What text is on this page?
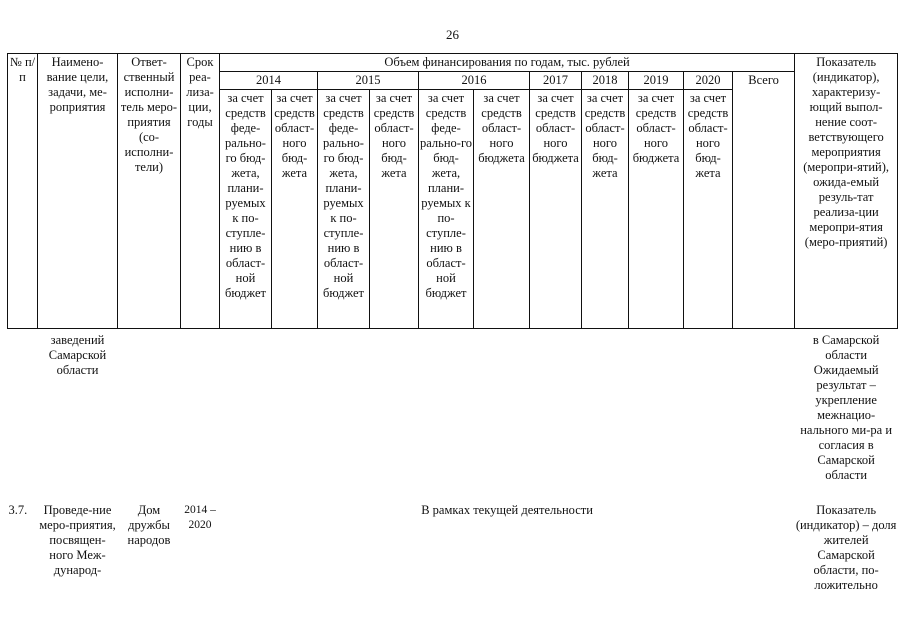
26
№ п/п	Наимено-вание цели, задачи, ме-роприятия	Ответ-ственный исполни-тель меро-приятия (со-исполни-тели)	Срок реа-лиза-ции, годы	Объем финансирования по годам, тыс. рублей											Показатель (индикатор), характеризу-ющий выпол-нение соот-ветствующего мероприятия (меропри-ятий), ожида-емый резуль-тат реализа-ции меропри-ятия (меро-приятий)
				2014		2015		2016		2017	2018	2019	2020	Всего	
				за счет средств феде-рально-го бюд-жета, плани-руемых к по-ступле-нию в област-ной бюджет	за счет средств област-ного бюд-жета	за счет средств феде-рально-го бюд-жета, плани-руемых к по-ступле-нию в област-ной бюджет	за счет средств област-ного бюд-жета	за счет средств феде-рально-го бюд-жета, плани-руемых к по-ступле-нию в област-ной бюджет	за счет средств област-ного бюджета	за счет средств област-ного бюджета	за счет средств област-ного бюд-жета	за счет средств област-ного бюджета	за счет средств област-ного бюд-жета		
	заведений Самарской области														в Самарской области Ожидаемый результат – укрепление межнацио-нального ми-ра и согласия в Самарской области
3.7.	Проведе-ние меро-приятия, посвящен-ного Меж-дународ-	Дом дружбы народов	2014 – 2020	В рамках текущей деятельности											Показатель (индикатор) – доля жителей Самарской области, по-ложительно
